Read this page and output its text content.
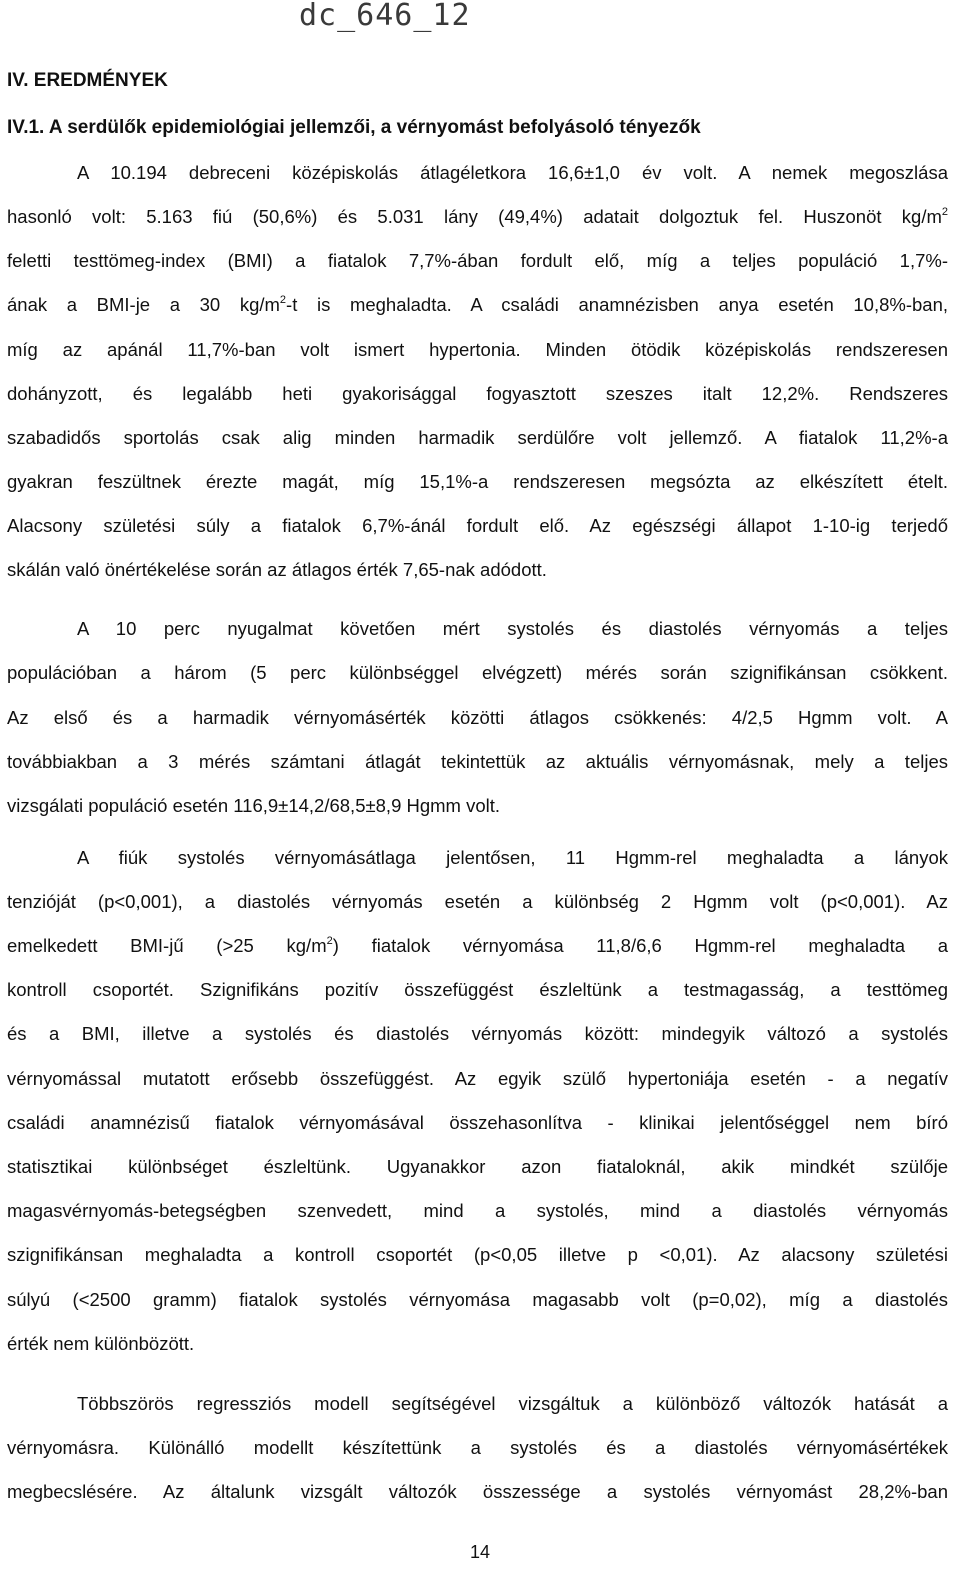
dc_646_12
IV. EREDMÉNYEK
IV.1. A serdülők epidemiológiai jellemzői, a vérnyomást befolyásoló tényezők
A 10.194 debreceni középiskolás átlagéletkora 16,6±1,0 év volt. A nemek megoszlása
hasonló volt: 5.163 fiú (50,6%) és 5.031 lány (49,4%) adatait dolgoztuk fel. Huszonöt $kg/m^2$
feletti testtömeg-index (BMI) a fiatalok 7,7%-ában fordult elő, míg a teljes populáció 1,7%-
ának a BMI-je a 30 $kg/m^2-t$ is meghaladta. A családi anamnézisben anya esetén 10,8%-ban,
míg az apánál 11,7%-ban volt ismert hypertonia. Minden ötödik középiskolás rendszeresen
dohányzott, és legalább heti gyakorisággal fogyasztott szeszes italt 12,2%. Rendszeres
szabadidős sportolás csak alig minden harmadik serdülőre volt jellemző. A fiatalok 11,2%-a
gyakran feszültnek érezte magát, míg 15,1%-a rendszeresen megsózta az elkészített ételt.
Alacsony születési súly a fiatalok 6,7%-ánál fordult elő. Az egészségi állapot 1-10-ig terjedő
skálán való önértékelése során az átlagos érték 7,65-nak adódott.
A 10 perc nyugalmat követően mért systolés és diastolés vérnyomás a teljes
populációban a három (5 perc különbséggel elvégzett) mérés során szignifikánsan csökkent.
Az első és a harmadik vérnyomásérték közötti átlagos csökkenés: 4/2,5 Hgmm volt. A
továbbiakban a 3 mérés számtani átlagát tekintettük az aktuális vérnyomásnak, mely a teljes
vizsgálati populáció esetén 116,9±14,2/68,5±8,9 Hgmm volt.
A fiúk systolés vérnyomásátlaga jelentősen, 11 Hgmm-rel meghaladta a lányok
tenzióját (p<0,001), a diastolés vérnyomás esetén a különbség 2 Hgmm volt (p<0,001). Az
emelkedett BMI-jű (>25 $kg/m^2$) fiatalok vérnyomása 11,8/6,6 Hgmm-rel meghaladta a
kontroll csoportét. Szignifikáns pozitív összefüggést észleltünk a testmagasság, a testtömeg
és a BMI, illetve a systolés és diastolés vérnyomás között: mindegyik változó a systolés
vérnyomással mutatott erősebb összefüggést. Az egyik szülő hypertoniája esetén - a negatív
családi anamnézisű fiatalok vérnyomásával összehasonlítva - klinikai jelentőséggel nem bíró
statisztikai különbséget észleltünk. Ugyanakkor azon fiataloknál, akik mindkét szülője
magasvérnyomás-betegségben szenvedett, mind a systolés, mind a diastolés vérnyomás
szignifikánsan meghaladta a kontroll csoportét (p<0,05 illetve p <0,01). Az alacsony születési
súlyú (<2500 gramm) fiatalok systolés vérnyomása magasabb volt (p=0,02), míg a diastolés
érték nem különbözött.
Többszörös regressziós modell segítségével vizsgáltuk a különböző változók hatását a
vérnyomásra. Különálló modellt készítettünk a systolés és a diastolés vérnyomásértékek
megbecslésére. Az általunk vizsgált változók összessége a systolés vérnyomást 28,2%-ban
14
